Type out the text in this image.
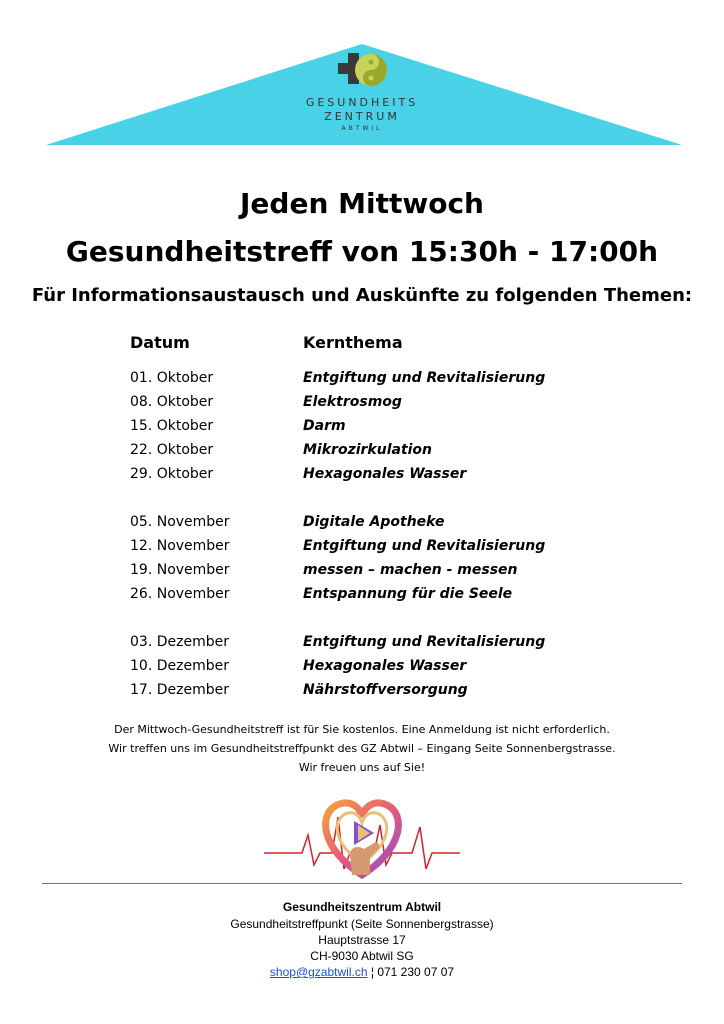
GESUNDHEITS
ZENTRUM
ABTWIL
Jeden Mittwoch
Gesundheitstreff von 15:30h - 17:00h
Für Informationsaustausch und Auskünfte zu folgenden Themen:
Datum	Kernthema
01. Oktober	Entgiftung und Revitalisierung
08. Oktober	Elektrosmog
15. Oktober	Darm
22. Oktober	Mikrozirkulation
29. Oktober	Hexagonales Wasser
05. November	Digitale Apotheke
12. November	Entgiftung und Revitalisierung
19. November	messen – machen - messen
26. November	Entspannung für die Seele
03. Dezember	Entgiftung und Revitalisierung
10. Dezember	Hexagonales Wasser
17. Dezember	Nährstoffversorgung
Der Mittwoch-Gesundheitstreff ist für Sie kostenlos. Eine Anmeldung ist nicht erforderlich.
Wir treffen uns im Gesundheitstreffpunkt des GZ Abtwil – Eingang Seite Sonnenbergstrasse.
Wir freuen uns auf Sie!
Gesundheitszentrum Abtwil
Gesundheitstreffpunkt (Seite Sonnenbergstrasse)
Hauptstrasse 17
CH-9030 Abtwil SG
shop@gzabtwil.ch ¦ 071 230 07 07
